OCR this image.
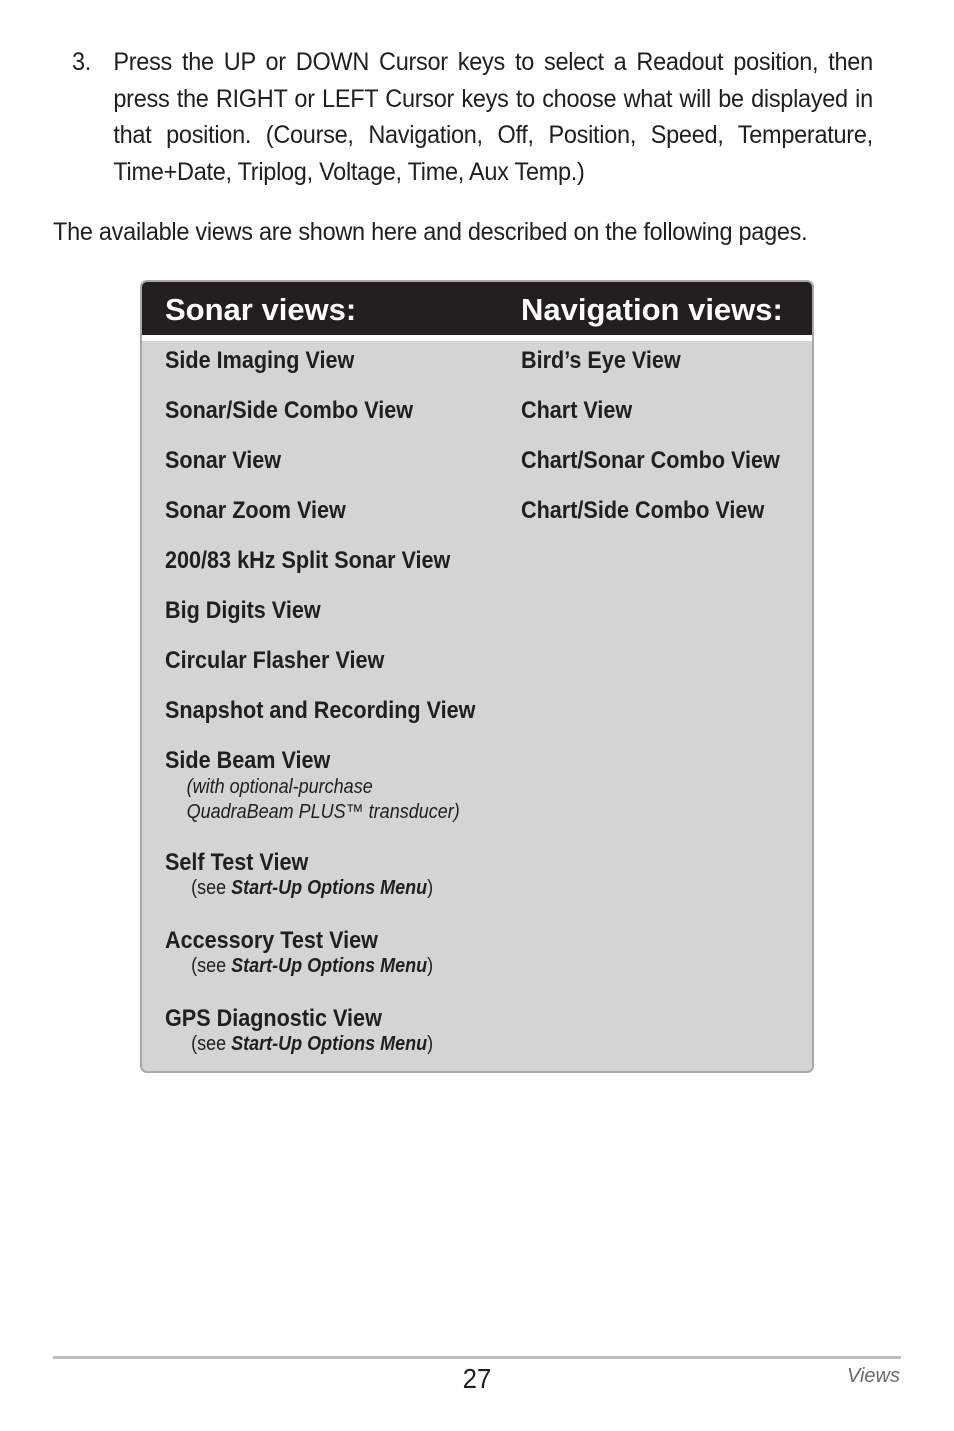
3. Press the UP or DOWN Cursor keys to select a Readout position, then press the RIGHT or LEFT Cursor keys to choose what will be displayed in that position. (Course, Navigation, Off, Position, Speed, Temperature, Time+Date, Triplog, Voltage, Time, Aux Temp.)
The available views are shown here and described on the following pages.
Sonar views:	Navigation views:
Side Imaging View
Sonar/Side Combo View
Sonar View
Sonar Zoom View
200/83 kHz Split Sonar View
Big Digits View
Circular Flasher View
Snapshot and Recording View
Side Beam View
(with optional-purchase
QuadraBeam PLUS™ transducer)
Self Test View
(see Start-Up Options Menu)
Accessory Test View
(see Start-Up Options Menu)
GPS Diagnostic View
(see Start-Up Options Menu)
Bird’s Eye View
Chart View
Chart/Sonar Combo View
Chart/Side Combo View
27	Views
